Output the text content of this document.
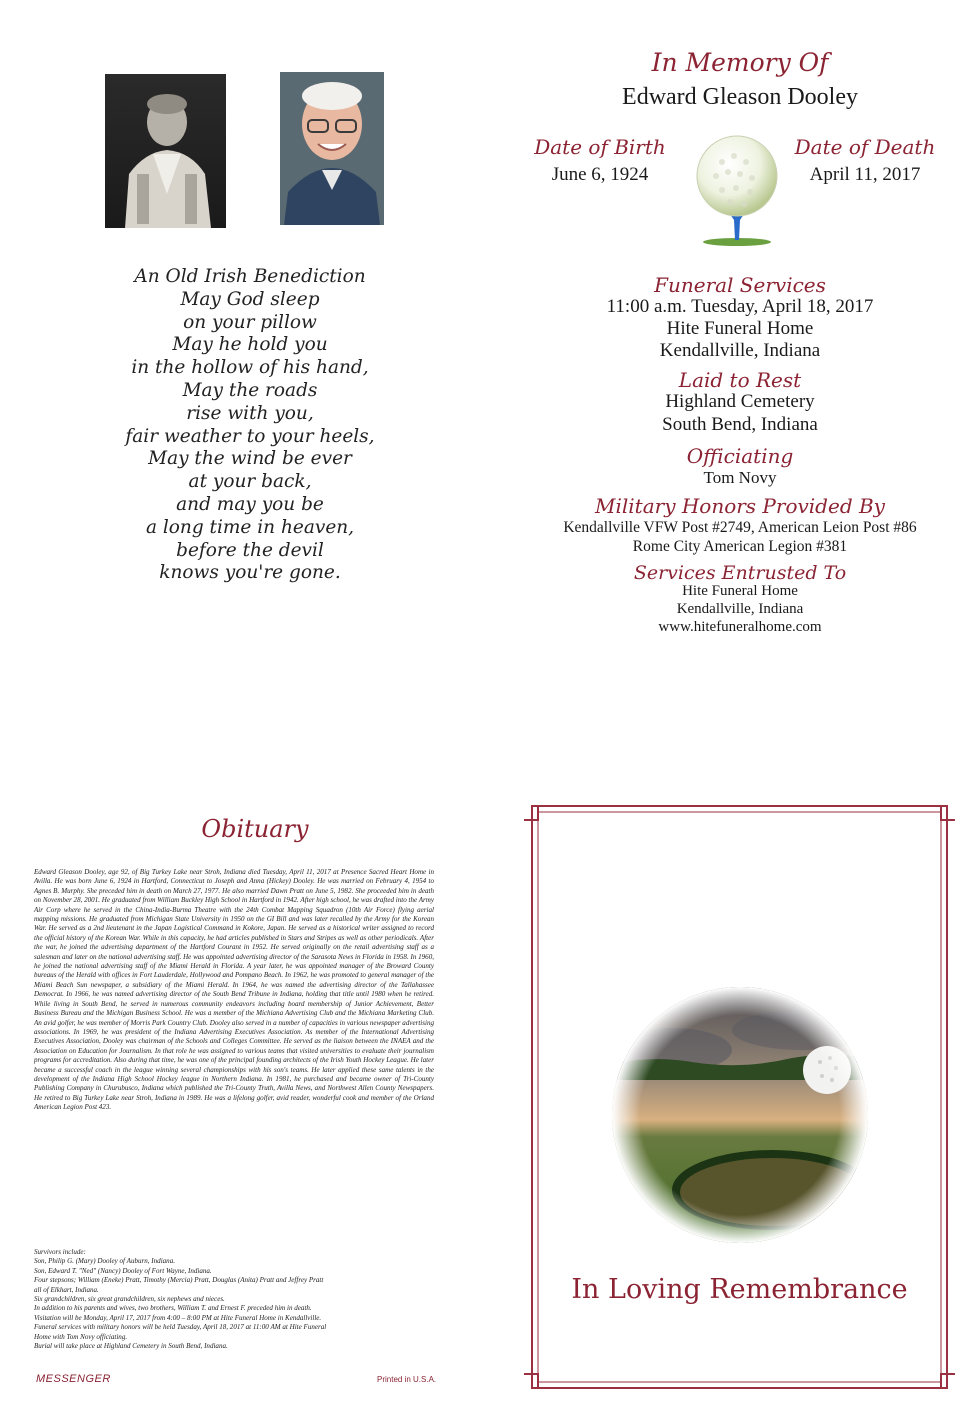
An Old Irish Benediction
May God sleep
on your pillow
May he hold you
in the hollow of his hand,
May the roads
rise with you,
fair weather to your heels,
May the wind be ever
at your back,
and may you be
a long time in heaven,
before the devil
knows you're gone.
In Memory Of
Edward Gleason Dooley
Date of Birth
June 6, 1924
Date of Death
April 11, 2017
Funeral Services
11:00 a.m. Tuesday, April 18, 2017
Hite Funeral Home
Kendallville, Indiana
Laid to Rest
Highland Cemetery
South Bend, Indiana
Officiating
Tom Novy
Military Honors Provided By
Kendallville VFW Post #2749, American Leion Post #86
Rome City American Legion #381
Services Entrusted To
Hite Funeral Home
Kendallville, Indiana
www.hitefuneralhome.com
Obituary

Edward Gleason Dooley, age 92, of Big Turkey Lake near Stroh, Indiana died Tuesday, April 11, 2017 at Presence Sacred Heart Home in Avilla. He was born June 6, 1924 in Hartford, Connecticut to Joseph and Anna (Hickey) Dooley. He was married on February 4, 1954 to Agnes B. Murphy. She preceded him in death on March 27, 1977. He also married Dawn Pratt on June 5, 1982. She proceeded him in death on November 28, 2001. He graduated from William Buckley High School in Hartford in 1942. After high school, he was drafted into the Army Air Corp where he served in the China-India-Burma Theatre with the 24th Combat Mapping Squadron (10th Air Force) flying aerial mapping missions. He graduated from Michigan State University in 1950 on the GI Bill and was later recalled by the Army for the Korean War. He served as a 2nd lieutenant in the Japan Logistical Command in Kokore, Japan. He served as a historical writer assigned to record the official history of the Korean War. While in this capacity, he had articles published in Stars and Stripes as well as other periodicals. After the war, he joined the advertising department of the Hartford Courant in 1952. He served originally on the retail advertising staff as a salesman and later on the national advertising staff. He was appointed advertising director of the Sarasota News in Florida in 1958. In 1960, he joined the national advertising staff of the Miami Herald in Florida. A year later, he was appointed manager of the Broward County bureaus of the Herald with offices in Fort Lauderdale, Hollywood and Pompano Beach. In 1962, he was promoted to general manager of the Miami Beach Sun newspaper, a subsidiary of the Miami Herald. In 1964, he was named the advertising director of the Tallahassee Democrat. In 1966, he was named advertising director of the South Bend Tribune in Indiana, holding that title until 1980 when he retired. While living in South Bend, he served in numerous community endeavors including board membership of Junior Achievement, Better Business Bureau and the Michigan Business School. He was a member of the Michiana Advertising Club and the Michiana Marketing Club. An avid golfer, he was member of Morris Park Country Club. Dooley also served in a number of capacities in various newspaper advertising associations. In 1969, he was president of the Indiana Advertising Executives Association. As member of the International Advertising Executives Association, Dooley was chairman of the Schools and Colleges Committee. He served as the liaison between the INAEA and the Association on Education for Journalism. In that role he was assigned to various teams that visited universities to evaluate their journalism programs for accreditation. Also during that time, he was one of the principal founding architects of the Irish Youth Hockey League. He later became a successful coach in the league winning several championships with his son's teams. He later applied these same talents in the development of the Indiana High School Hockey league in Northern Indiana. In 1981, he purchased and became owner of Tri-County Publishing Company in Churubusco, Indiana which published the Tri-County Truth, Avilla News, and Northwest Allen County Newspapers. He retired to Big Turkey Lake near Stroh, Indiana in 1989. He was a lifelong golfer, avid reader, wonderful cook and member of the Orland American Legion Post 423.

Survivors include:

Son, Philip G. (Mary) Dooley of Auburn, Indiana.

Son, Edward T. "Ned" (Nancy) Dooley of Fort Wayne, Indiana.

Four stepsons; William (Eneke) Pratt, Timothy (Mercia) Pratt, Douglas (Anita) Pratt and Jeffrey Pratt

all of Elkhart, Indiana.

Six grandchildren, six great grandchildren, six nephews and nieces.

In addition to his parents and wives, two brothers, William T. and Ernest F. preceded him in death.

Visitation will be Monday, April 17, 2017 from 4:00 – 8:00 PM at Hite Funeral Home in Kendallville.

Funeral services with military honors will be held Tuesday, April 18, 2017 at 11:00 AM at Hite Funeral

Home with Tom Novy officiating.

Burial will take place at Highland Cemetery in South Bend, Indiana.

MESSENGER	Printed in U.S.A.
In Loving Remembrance
